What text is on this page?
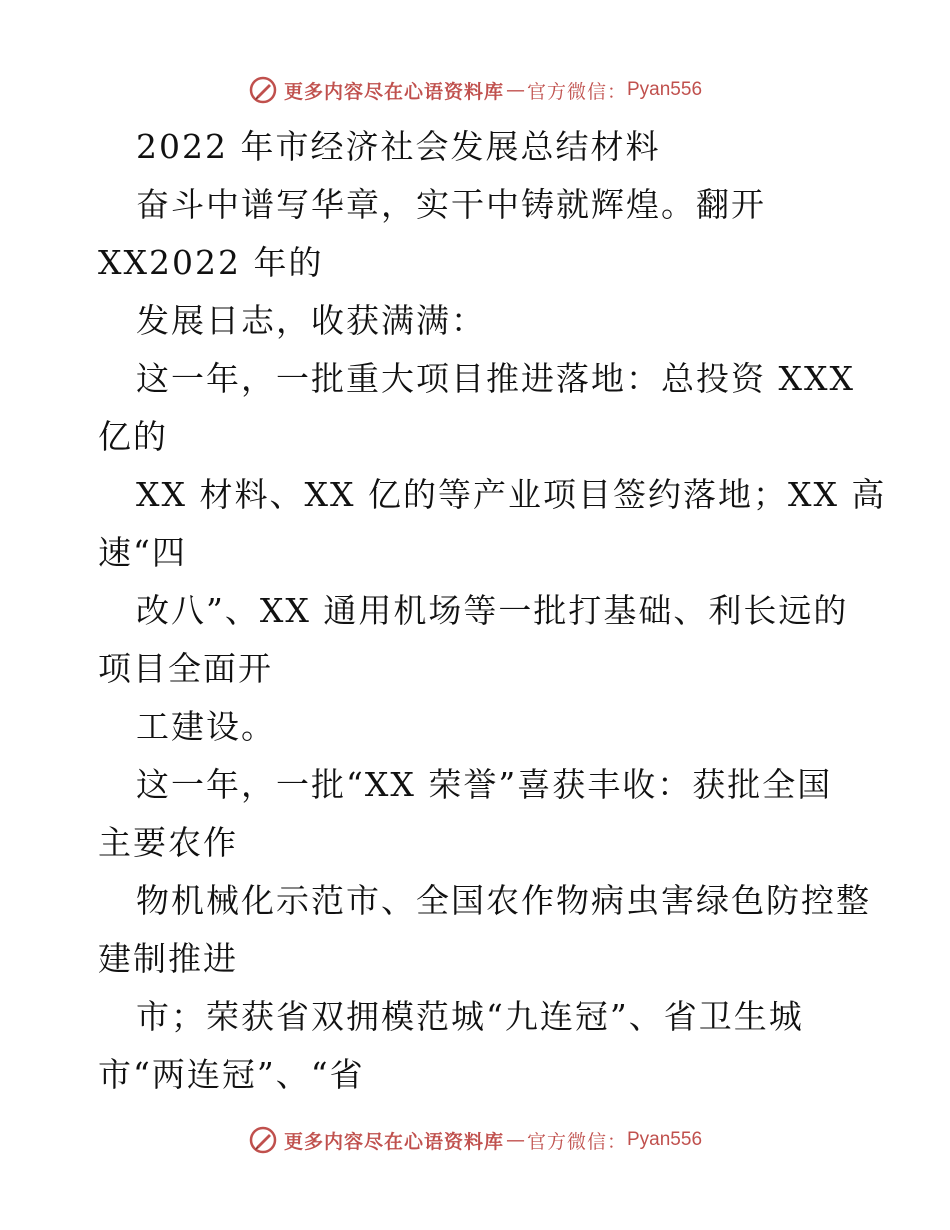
更多内容尽在心语资料库 — 官方微信： Pyan556
2022 年市经济社会发展总结材料
奋斗中谱写华章，实干中铸就辉煌。翻开
XX2022 年的
发展日志，收获满满：
这一年，一批重大项目推进落地：总投资 XXX
亿的
XX 材料、XX 亿的等产业项目签约落地；XX 高
速“四
改八”、XX 通用机场等一批打基础、利长远的
项目全面开
工建设。
这一年，一批“XX 荣誉”喜获丰收：获批全国
主要农作
物机械化示范市、全国农作物病虫害绿色防控整
建制推进
市；荣获省双拥模范城“九连冠”、省卫生城
市“两连冠”、“省
更多内容尽在心语资料库 — 官方微信： Pyan556
